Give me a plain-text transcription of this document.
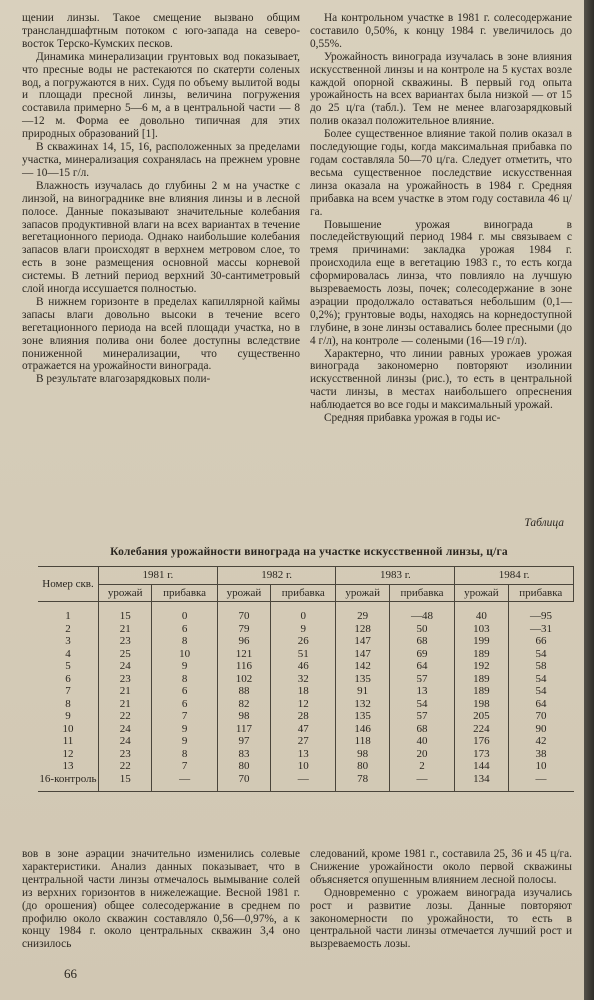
щении линзы. Такое смещение вызвано общим трансландшафтным потоком с юго-запада на северо-восток Терско-Кумских песков.

Динамика минерализации грунтовых вод показывает, что пресные воды не растекаются по скатерти соленых вод, а погружаются в них. Судя по объему вылитой воды и площади пресной линзы, величина погружения составила примерно 5—6 м, а в центральной части — 8—12 м. Форма ее довольно типичная для этих природных образований [1].

В скважинах 14, 15, 16, расположенных за пределами участка, минерализация сохранялась на прежнем уровне — 10—15 г/л.

Влажность изучалась до глубины 2 м на участке с линзой, на винограднике вне влияния линзы и в лесной полосе. Данные показывают значительные колебания запасов продуктивной влаги на всех вариантах в течение вегетационного периода. Однако наибольшие колебания запасов влаги происходят в верхнем метровом слое, то есть в зоне размещения основной массы корневой системы. В летний период верхний 30-сантиметровый слой иногда иссушается полностью.

В нижнем горизонте в пределах капиллярной каймы запасы влаги довольно высоки в течение всего вегетационного периода на всей площади участка, но в зоне влияния полива они более доступны вследствие пониженной минерализации, что существенно отражается на урожайности винограда.

В результате влагозарядковых поли-

На контрольном участке в 1981 г. солесодержание составило 0,50%, к концу 1984 г. увеличилось до 0,55%.

Урожайность винограда изучалась в зоне влияния искусственной линзы и на контроле на 5 кустах возле каждой опорной скважины. В первый год опыта урожайность на всех вариантах была низкой — от 15 до 25 ц/га (табл.). Тем не менее влагозарядковый полив оказал положительное влияние.

Более существенное влияние такой полив оказал в последующие годы, когда максимальная прибавка по годам составляла 50—70 ц/га. Следует отметить, что весьма существенное последствие искусственная линза оказала на урожайность в 1984 г. Средняя прибавка на всем участке в этом году составила 46 ц/га.

Повышение урожая винограда в последействующий период 1984 г. мы связываем с тремя причинами: закладка урожая 1984 г. происходила еще в вегетацию 1983 г., то есть когда сформировалась линза, что повлияло на лучшую вызреваемость лозы, почек; солесодержание в зоне аэрации продолжало оставаться небольшим (0,1—0,2%); грунтовые воды, находясь на корнедоступной глубине, в зоне линзы оставались более пресными (до 4 г/л), на контроле — солеными (16—19 г/л).

Характерно, что линии равных урожаев урожая винограда закономерно повторяют изолинии искусственной линзы (рис.), то есть в центральной части линзы, в местах наибольшего опреснения наблюдается во все годы и максимальный урожай.

Средняя прибавка урожая в годы ис-

Таблица
Колебания урожайности винограда на участке искусственной линзы, ц/га
Номер скв.	1981 г.		1982 г.		1983 г.		1984 г.	
	урожай	прибавка	урожай	прибавка	урожай	прибавка	урожай	прибавка
1	15	0	70	0	29	—48	40	—95
2	21	6	79	9	128	50	103	—31
3	23	8	96	26	147	68	199	66
4	25	10	121	51	147	69	189	54
5	24	9	116	46	142	64	192	58
6	23	8	102	32	135	57	189	54
7	21	6	88	18	91	13	189	54
8	21	6	82	12	132	54	198	64
9	22	7	98	28	135	57	205	70
10	24	9	117	47	146	68	224	90
11	24	9	97	27	118	40	176	42
12	23	8	83	13	98	20	173	38
13	22	7	80	10	80	2	144	10
16-контроль	15	—	70	—	78	—	134	—

вов в зоне аэрации значительно изменились солевые характеристики. Анализ данных показывает, что в центральной части линзы отмечалось вымывание солей из верхних горизонтов в нижележащие. Весной 1981 г. (до орошения) общее солесодержание в среднем по профилю около скважин составляло 0,56—0,97%, а к концу 1984 г. около центральных скважин 3,4 оно снизилось

следований, кроме 1981 г., составила 25, 36 и 45 ц/га. Снижение урожайности около первой скважины объясняется опушенным влиянием лесной полосы.

Одновременно с урожаем винограда изучались рост и развитие лозы. Данные повторяют закономерности по урожайности, то есть в центральной части линзы отмечается лучший рост и вызреваемость лозы.

66
